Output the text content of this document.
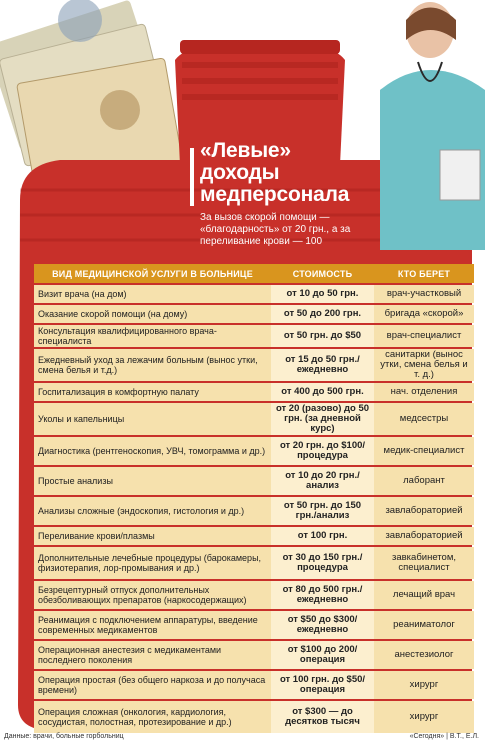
«Левые»
доходы
медперсонала
За вызов скорой помощи — «благодарность» от 20 грн., а за переливание крови — 100
ВИД МЕДИЦИНСКОЙ УСЛУГИ В БОЛЬНИЦЕ	СТОИМОСТЬ	КТО БЕРЕТ
Визит врача (на дом)	от 10 до 50 грн.	врач-участковый
Оказание скорой помощи (на дому)	от 50 до 200 грн.	бригада «скорой»
Консультация квалифицированного врача-специалиста	от 50 грн. до $50	врач-специалист
Ежедневный уход за лежачим больным (вынос утки, смена белья и т.д.)	от 15 до 50 грн./ежедневно	санитарки (вынос утки, смена белья и т. д.)
Госпитализация в комфортную палату	от 400 до 500 грн.	нач. отделения
Уколы и капельницы	от 20 (разово) до 50 грн. (за дневной курс)	медсестры
Диагностика (рентгеноскопия, УВЧ, томограмма и др.)	от 20 грн. до $100/процедура	медик-специалист
Простые анализы	от 10 до 20 грн./анализ	лаборант
Анализы сложные (эндоскопия, гистология и др.)	от 50 грн. до 150 грн./анализ	завлабораторией
Переливание крови/плазмы	от 100 грн.	завлабораторией
Дополнительные лечебные процедуры (барокамеры, физиотерапия, лор-промывания и др.)	от 30 до 150 грн./процедура	завкабинетом, специалист
Безрецептурный отпуск дополнительных обезболивающих препаратов (наркосодержащих)	от 80 до 500 грн./ежедневно	лечащий врач
Реанимация с подключением аппаратуры, введение современных медикаментов	от $50 до $300/ежедневно	реаниматолог
Операционная анестезия с медикаментами последнего поколения	от $100 до 200/операция	анестезиолог
Операция простая (без общего наркоза и до получаса времени)	от 100 грн. до $50/операция	хирург
Операция сложная (онкология, кардиология, сосудистая, полостная, протезирование и др.)	от $300 — до десятков тысяч	хирург
Данные: врачи, больные горбольниц	«Сегодня» | В.Т., Е.Л.
